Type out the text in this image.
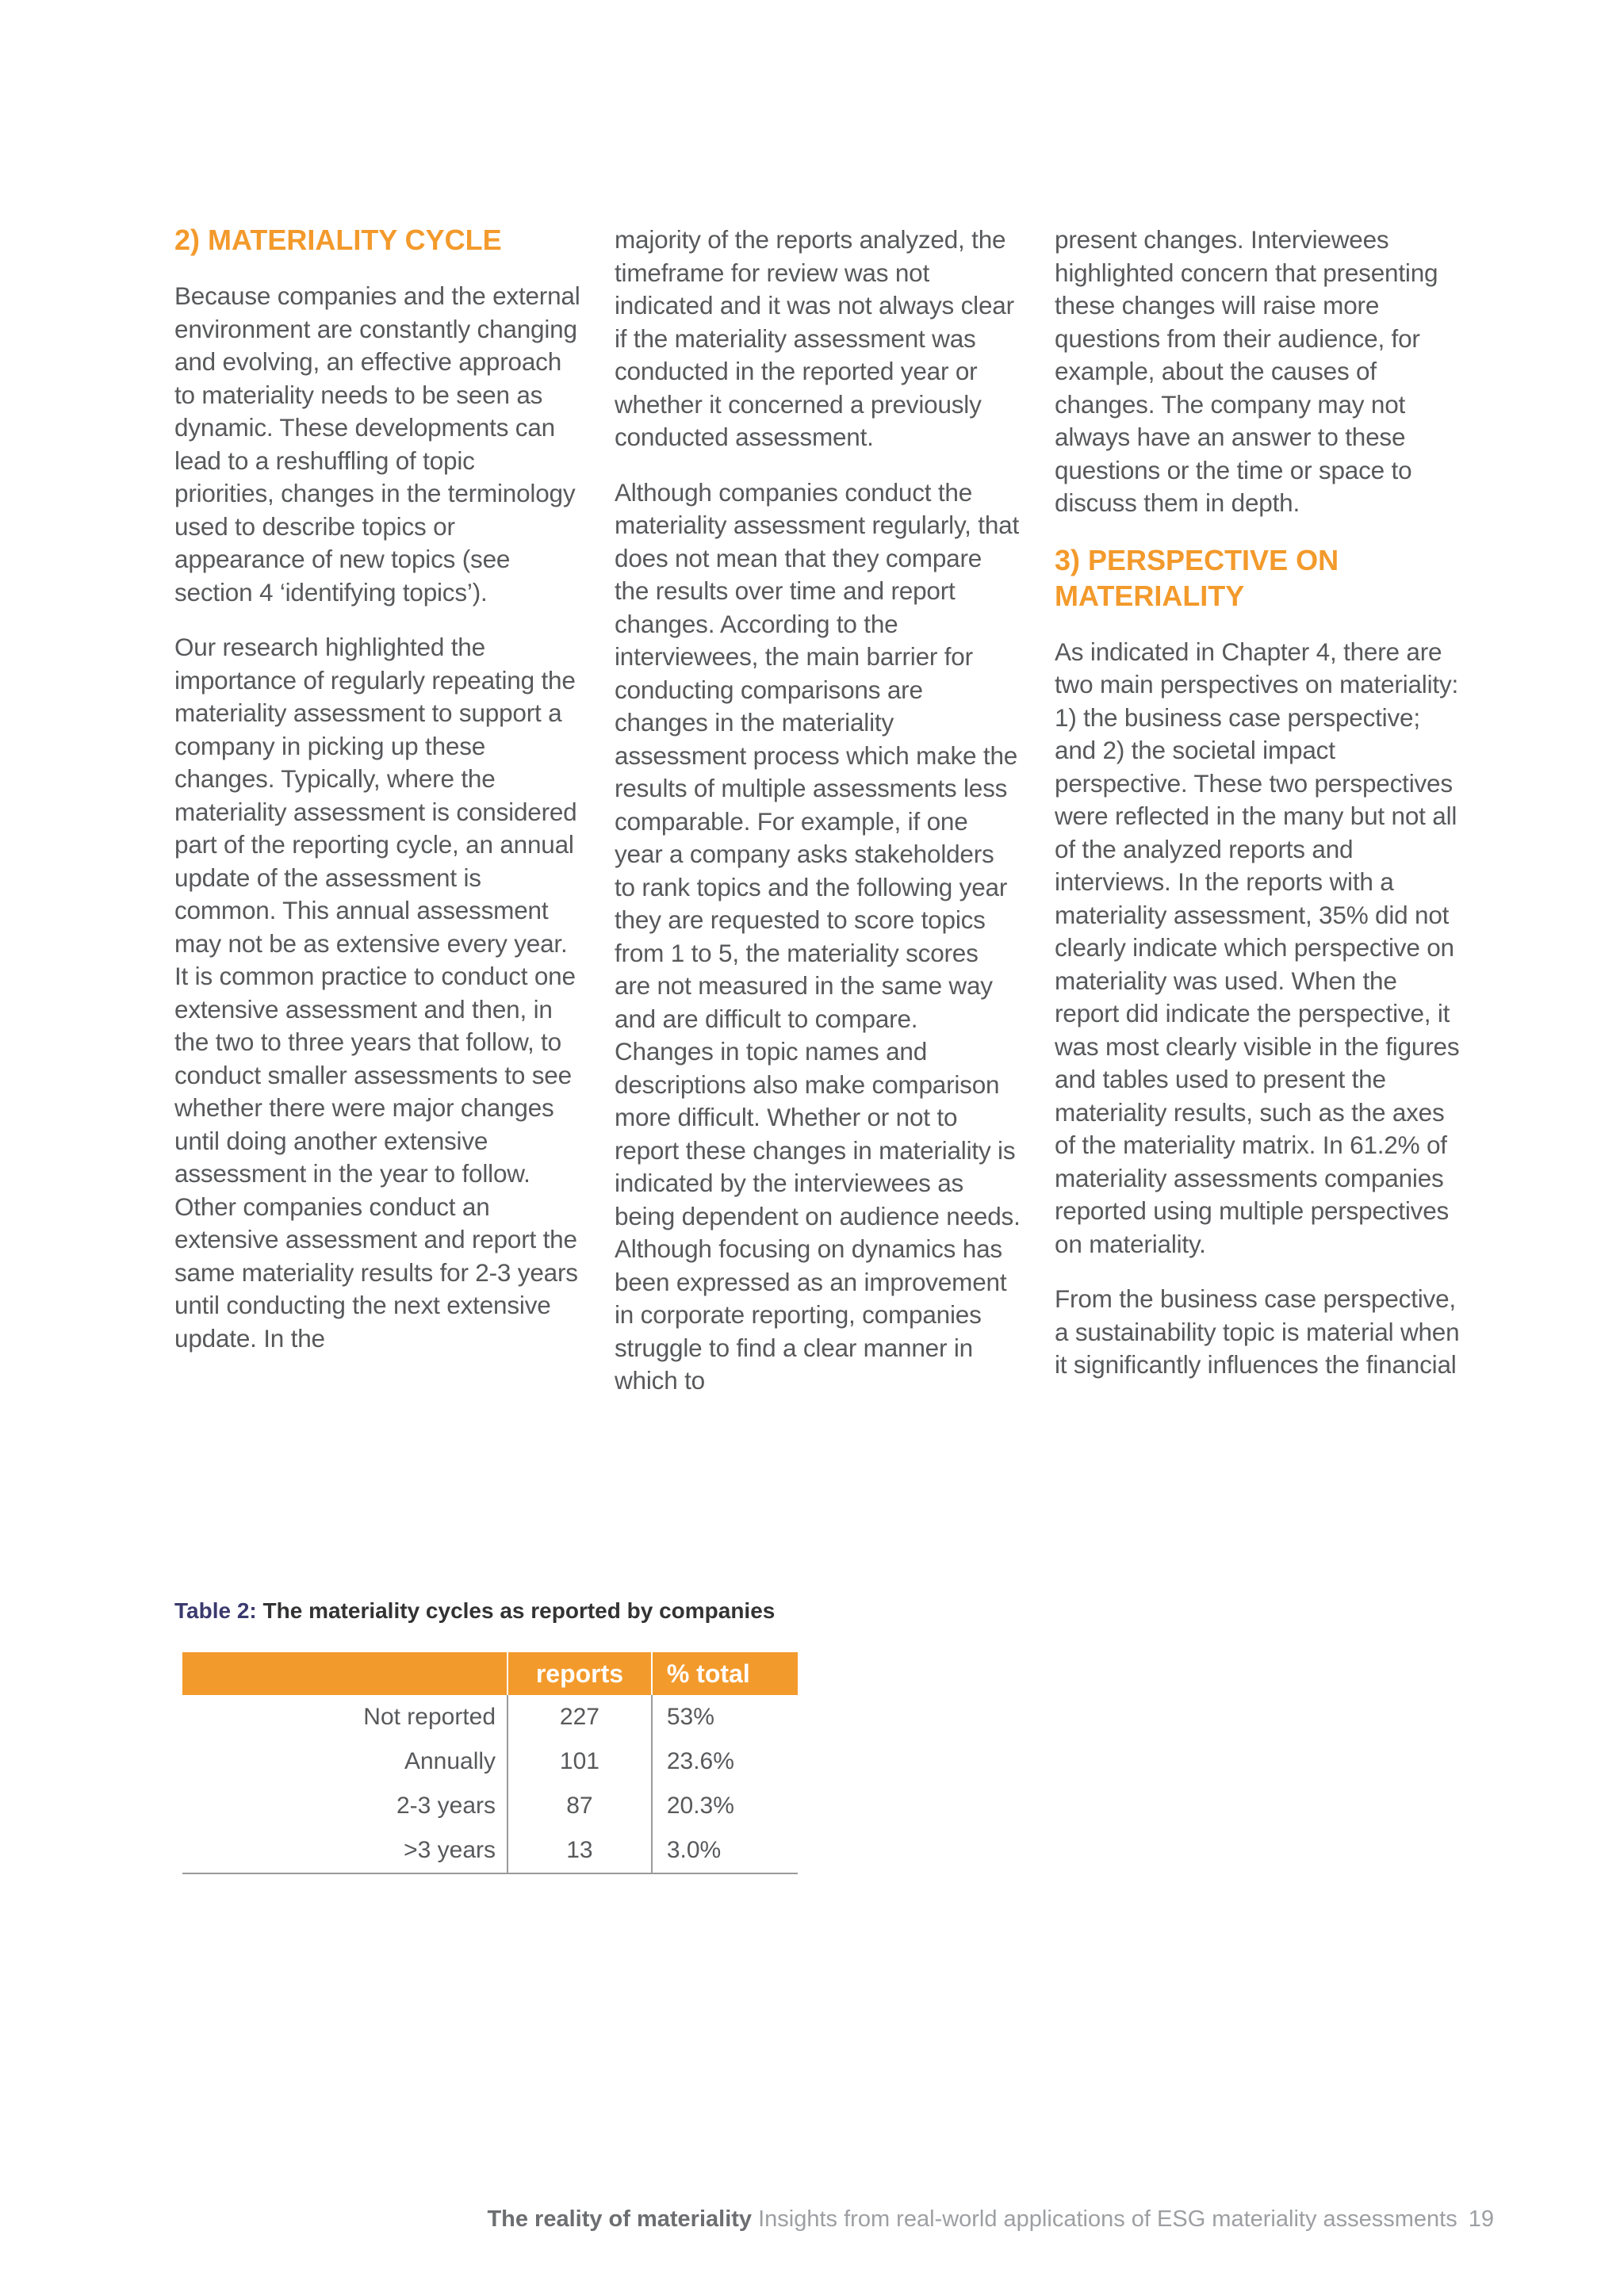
2) MATERIALITY CYCLE

Because companies and the external environment are constantly changing and evolving, an effective approach to materiality needs to be seen as dynamic. These developments can lead to a reshuffling of topic priorities, changes in the terminology used to describe topics or appearance of new topics (see section 4 ‘identifying topics’).

Our research highlighted the importance of regularly repeating the materiality assessment to support a company in picking up these changes. Typically, where the materiality assessment is considered part of the reporting cycle, an annual update of the assessment is common. This annual assessment may not be as extensive every year. It is common practice to conduct one extensive assessment and then, in the two to three years that follow, to conduct smaller assessments to see whether there were major changes until doing another extensive assessment in the year to follow. Other companies conduct an extensive assessment and report the same materiality results for 2-3 years until conducting the next extensive update. In the

majority of the reports analyzed, the timeframe for review was not indicated and it was not always clear if the materiality assessment was conducted in the reported year or whether it concerned a previously conducted assessment.

Although companies conduct the materiality assessment regularly, that does not mean that they compare the results over time and report changes. According to the interviewees, the main barrier for conducting comparisons are changes in the materiality assessment process which make the results of multiple assessments less comparable. For example, if one year a company asks stakeholders to rank topics and the following year they are requested to score topics from 1 to 5, the materiality scores are not measured in the same way and are difficult to compare. Changes in topic names and descriptions also make comparison more difficult. Whether or not to report these changes in materiality is indicated by the interviewees as being dependent on audience needs. Although focusing on dynamics has been expressed as an improvement in corporate reporting, companies struggle to find a clear manner in which to

present changes. Interviewees highlighted concern that presenting these changes will raise more questions from their audience, for example, about the causes of changes. The company may not always have an answer to these questions or the time or space to discuss them in depth.

3) PERSPECTIVE ON MATERIALITY

As indicated in Chapter 4, there are two main perspectives on materiality: 1) the business case perspective; and 2) the societal impact perspective. These two perspectives were reflected in the many but not all of the analyzed reports and interviews. In the reports with a materiality assessment, 35% did not clearly indicate which perspective on materiality was used. When the report did indicate the perspective, it was most clearly visible in the figures and tables used to present the materiality results, such as the axes of the materiality matrix. In 61.2% of materiality assessments companies reported using multiple perspectives on materiality.

From the business case perspective, a sustainability topic is material when it significantly influences the financial

Table 2: The materiality cycles as reported by companies
	reports	% total
Not reported	227	53%
Annually	101	23.6%
2-3 years	87	20.3%
>3 years	13	3.0%
The reality of materiality Insights from real-world applications of ESG materiality assessments 19
